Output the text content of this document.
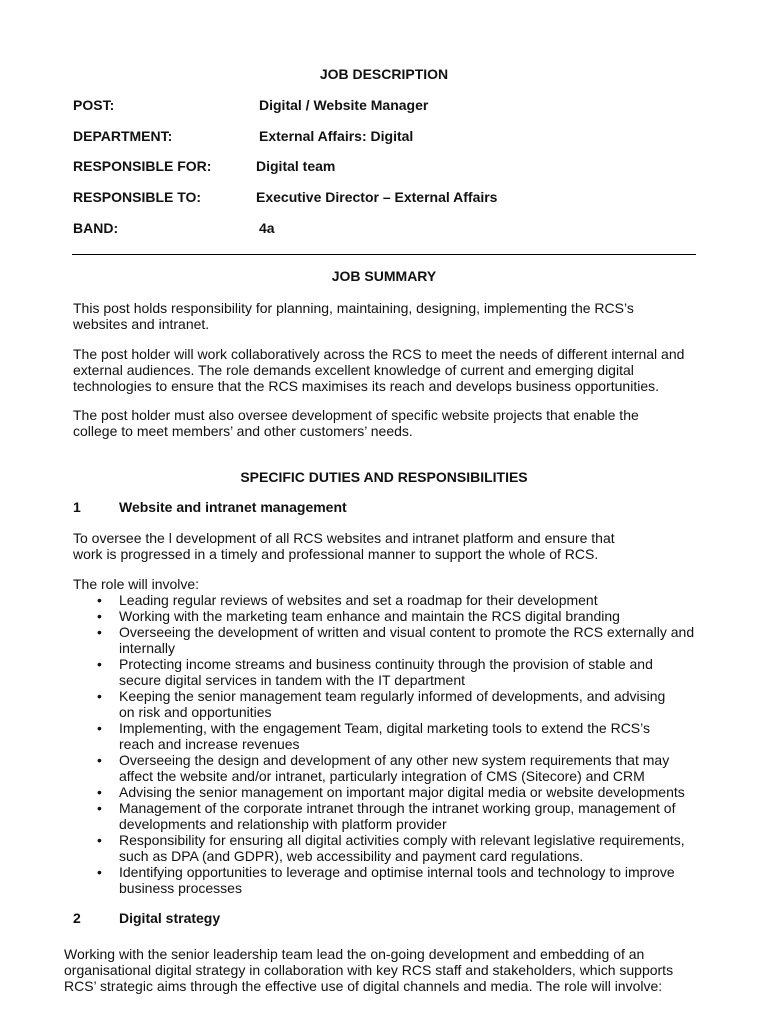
JOB DESCRIPTION
POST:	Digital / Website Manager
DEPARTMENT:	External Affairs: Digital
RESPONSIBLE FOR:	Digital team
RESPONSIBLE TO:	Executive Director – External Affairs
BAND:	4a
JOB SUMMARY
This post holds responsibility for planning, maintaining, designing, implementing the RCS’s
websites and intranet.
The post holder will work collaboratively across the RCS to meet the needs of different internal and
external audiences. The role demands excellent knowledge of current and emerging digital
technologies to ensure that the RCS maximises its reach and develops business opportunities.
The post holder must also oversee development of specific website projects that enable the
college to meet members’ and other customers’ needs.
SPECIFIC DUTIES AND RESPONSIBILITIES
1	Website and intranet management
To oversee the l development of all RCS websites and intranet platform and ensure that
work is progressed in a timely and professional manner to support the whole of RCS.
The role will involve:
• Leading regular reviews of websites and set a roadmap for their development
• Working with the marketing team enhance and maintain the RCS digital branding
• Overseeing the development of written and visual content to promote the RCS externally and
internally
• Protecting income streams and business continuity through the provision of stable and
secure digital services in tandem with the IT department
• Keeping the senior management team regularly informed of developments, and advising
on risk and opportunities
• Implementing, with the engagement Team, digital marketing tools to extend the RCS’s
reach and increase revenues
• Overseeing the design and development of any other new system requirements that may
affect the website and/or intranet, particularly integration of CMS (Sitecore) and CRM
• Advising the senior management on important major digital media or website developments
• Management of the corporate intranet through the intranet working group, management of
developments and relationship with platform provider
• Responsibility for ensuring all digital activities comply with relevant legislative requirements,
such as DPA (and GDPR), web accessibility and payment card regulations.
• Identifying opportunities to leverage and optimise internal tools and technology to improve
business processes
2	Digital strategy
Working with the senior leadership team lead the on-going development and embedding of an
organisational digital strategy in collaboration with key RCS staff and stakeholders, which supports
RCS’ strategic aims through the effective use of digital channels and media. The role will involve:
